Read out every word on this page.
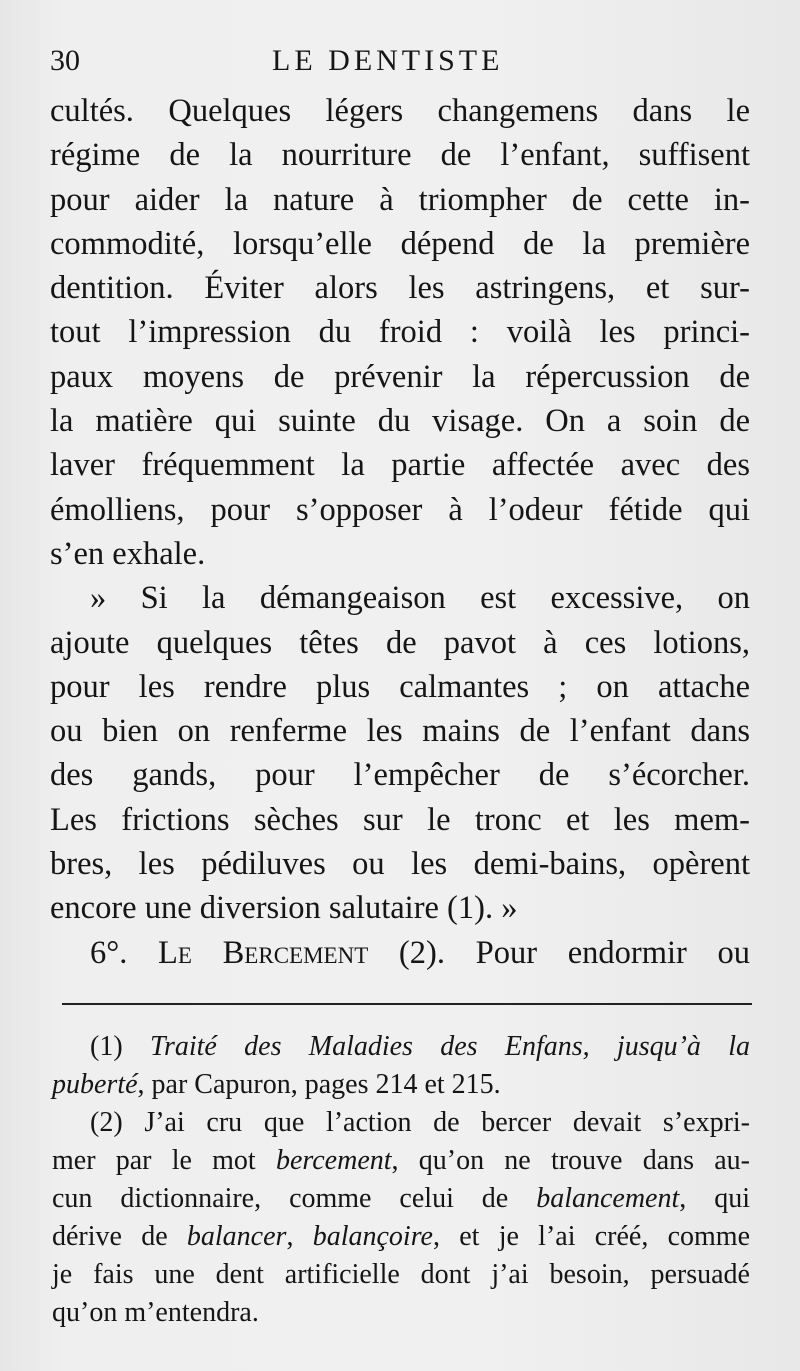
30	LE DENTISTE
cultés. Quelques légers changemens dans le
régime de la nourriture de l’enfant, suffisent
pour aider la nature à triompher de cette in-
commodité, lorsqu’elle dépend de la première
dentition. Éviter alors les astringens, et sur-
tout l’impression du froid : voilà les princi-
paux moyens de prévenir la répercussion de
la matière qui suinte du visage. On a soin de
laver fréquemment la partie affectée avec des
émolliens, pour s’opposer à l’odeur fétide qui
s’en exhale.
» Si la démangeaison est excessive, on
ajoute quelques têtes de pavot à ces lotions,
pour les rendre plus calmantes ; on attache
ou bien on renferme les mains de l’enfant dans
des gands, pour l’empêcher de s’écorcher.
Les frictions sèches sur le tronc et les mem-
bres, les pédiluves ou les demi-bains, opèrent
encore une diversion salutaire (1). »
6°. Le Bercement (2). Pour endormir ou
(1) Traité des Maladies des Enfans, jusqu’à la
puberté, par Capuron, pages 214 et 215.
(2) J’ai cru que l’action de bercer devait s’expri-
mer par le mot bercement, qu’on ne trouve dans au-
cun dictionnaire, comme celui de balancement, qui
dérive de balancer, balançoire, et je l’ai créé, comme
je fais une dent artificielle dont j’ai besoin, persuadé
qu’on m’entendra.
